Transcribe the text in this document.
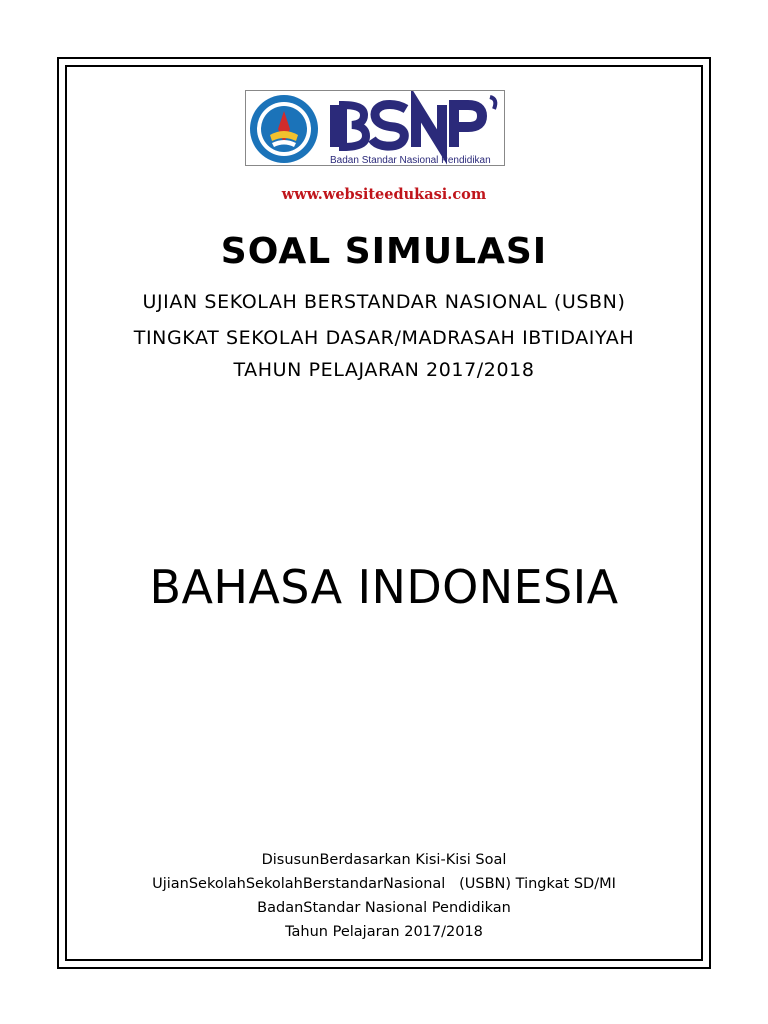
Badan Standar Nasional Pendidikan
www.websiteedukasi.com
SOAL SIMULASI
UJIAN SEKOLAH BERSTANDAR NASIONAL (USBN)
TINGKAT SEKOLAH DASAR/MADRASAH IBTIDAIYAH
TAHUN PELAJARAN 2017/2018
BAHASA INDONESIA
DisusunBerdasarkan Kisi-Kisi Soal
UjianSekolahSekolahBerstandarNasional   (USBN) Tingkat SD/MI
BadanStandar Nasional Pendidikan
Tahun Pelajaran 2017/2018
